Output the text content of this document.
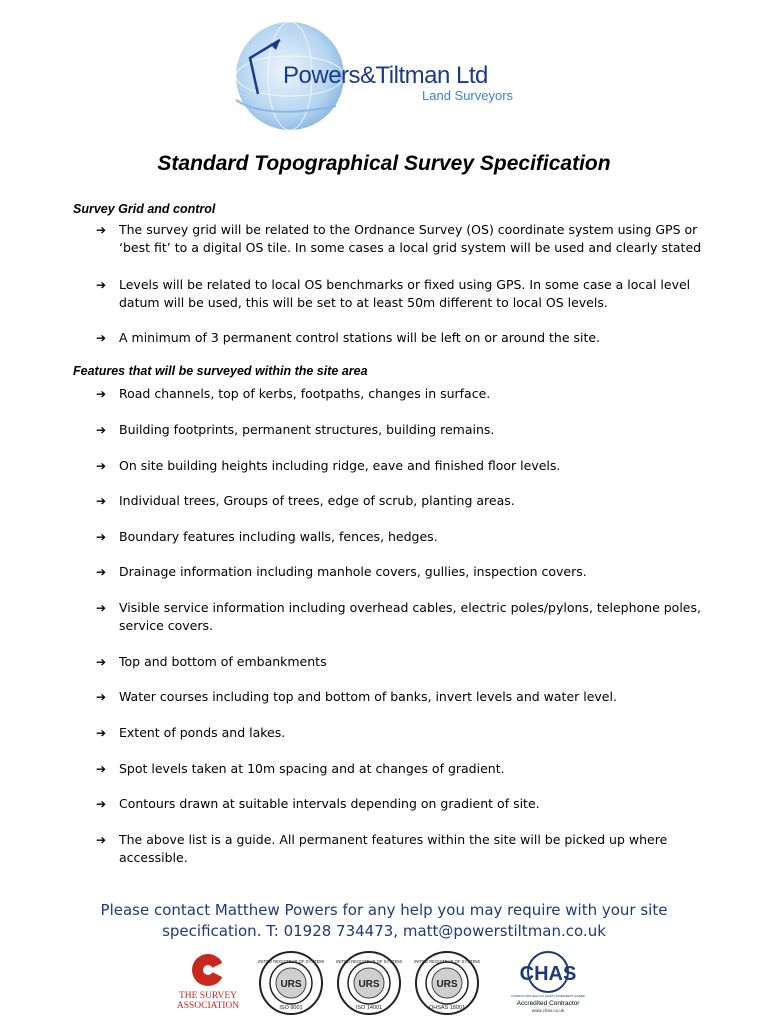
Powers&Tiltman Ltd
Land Surveyors
Standard Topographical Survey Specification
Survey Grid and control
➔ The survey grid will be related to the Ordnance Survey (OS) coordinate system using GPS or ‘best fit’ to a digital OS tile. In some cases a local grid system will be used and clearly stated
➔ Levels will be related to local OS benchmarks or fixed using GPS. In some case a local level datum will be used, this will be set to at least 50m different to local OS levels.
➔ A minimum of 3 permanent control stations will be left on or around the site.
Features that will be surveyed within the site area
➔ Road channels, top of kerbs, footpaths, changes in surface.
➔ Building footprints, permanent structures, building remains.
➔ On site building heights including ridge, eave and finished floor levels.
➔ Individual trees, Groups of trees, edge of scrub, planting areas.
➔ Boundary features including walls, fences, hedges.
➔ Drainage information including manhole covers, gullies, inspection covers.
➔ Visible service information including overhead cables, electric poles/pylons, telephone poles, service covers.
➔ Top and bottom of embankments
➔ Water courses including top and bottom of banks, invert levels and water level.
➔ Extent of ponds and lakes.
➔ Spot levels taken at 10m spacing and at changes of gradient.
➔ Contours drawn at suitable intervals depending on gradient of site.
➔ The above list is a guide. All permanent features within the site will be picked up where accessible.
Please contact Matthew Powers for any help you may require with your site
specification. T: 01928 734473, matt@powerstiltman.co.uk
THE SURVEY
ASSOCIATION
URS
UNITED REGISTRAR OF SYSTEMS
ISO 9001
URS
UNITED REGISTRAR OF SYSTEMS
ISO 14001
URS
UNITED REGISTRAR OF SYSTEMS
OHSAS 18001
CHAS
CONTRACTORS HEALTH & SAFETY ASSESSMENT SCHEME
Accredited Contractor
www.chas.co.uk
